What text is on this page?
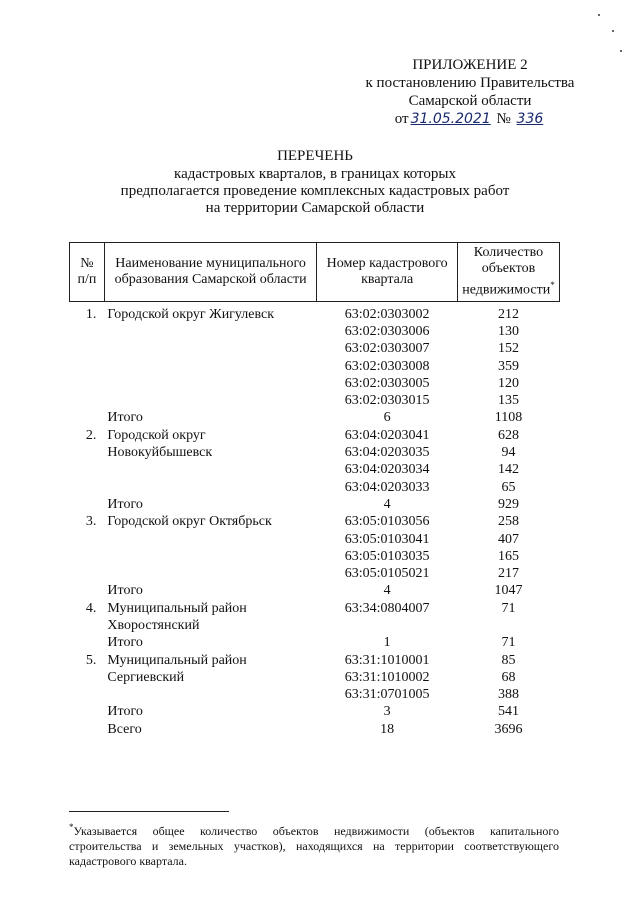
ПРИЛОЖЕНИЕ 2
к постановлению Правительства
Самарской области
от 31.05.2021 № 336
ПЕРЕЧЕНЬ
кадастровых кварталов, в границах которых
предполагается проведение комплексных кадастровых работ
на территории Самарской области
№ п/п	Наименование муниципального образования Самарской области	Номер кадастрового квартала	Количество объектов недвижимости*
1.	Городской округ Жигулевск	63:02:0303002	212
		63:02:0303006	130
		63:02:0303007	152
		63:02:0303008	359
		63:02:0303005	120
		63:02:0303015	135
	Итого	6	1108
2.	Городской округ	63:04:0203041	628
	Новокуйбышевск	63:04:0203035	94
		63:04:0203034	142
		63:04:0203033	65
	Итого	4	929
3.	Городской округ Октябрьск	63:05:0103056	258
		63:05:0103041	407
		63:05:0103035	165
		63:05:0105021	217
	Итого	4	1047
4.	Муниципальный район	63:34:0804007	71
	Хворостянский		
	Итого	1	71
5.	Муниципальный район	63:31:1010001	85
	Сергиевский	63:31:1010002	68
		63:31:0701005	388
	Итого	3	541
	Всего	18	3696
*Указывается общее количество объектов недвижимости (объектов капитального строительства и земельных участков), находящихся на территории соответствующего кадастрового квартала.
